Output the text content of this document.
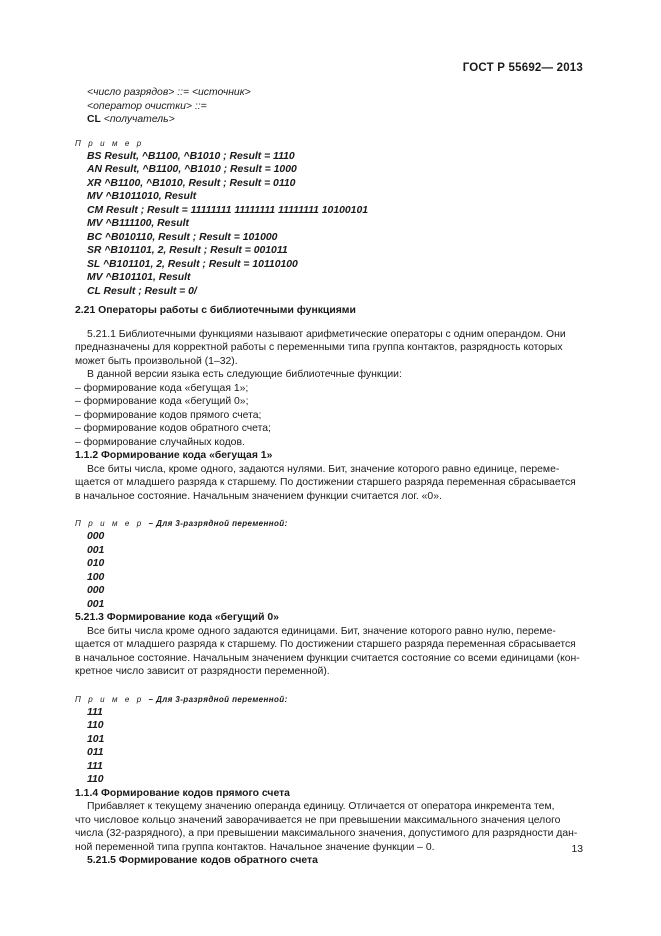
ГОСТ Р 55692— 2013
<число разрядов> ::= <источник>
<оператор очистки> ::=
CL <получатель>
П р и м е р
BS Result, ^B1100, ^B1010 ; Result = 1110
AN Result, ^B1100, ^B1010 ; Result = 1000
XR ^B1100, ^B1010, Result ; Result = 0110
MV ^B1011010, Result
CM Result ; Result = 11111111 11111111 11111111 10100101
MV ^B111100, Result
BC ^B010110, Result ; Result = 101000
SR ^B101101, 2, Result ; Result = 001011
SL ^B101101, 2, Result ; Result = 10110100
MV ^B101101, Result
CL Result ; Result = 0/
2.21 Операторы работы с библиотечными функциями
5.21.1 Библиотечными функциями называют арифметические операторы с одним операндом. Они
предназначены для корректной работы с переменными типа группа контактов, разрядность которых
может быть произвольной (1–32).
В данной версии языка есть следующие библиотечные функции:
– формирование кода «бегущая 1»;
– формирование кода «бегущий 0»;
– формирование кодов прямого счета;
– формирование кодов обратного счета;
– формирование случайных кодов.
1.1.2 Формирование кода «бегущая 1»
Все биты числа, кроме одного, задаются нулями. Бит, значение которого равно единице, переме-
щается от младшего разряда к старшему. По достижении старшего разряда переменная сбрасывается
в начальное состояние. Начальным значением функции считается лог. «0».
П р и м е р – Для 3-разрядной переменной:
000
001
010
100
000
001
5.21.3 Формирование кода «бегущий 0»
Все биты числа кроме одного задаются единицами. Бит, значение которого равно нулю, переме-
щается от младшего разряда к старшему. По достижении старшего разряда переменная сбрасывается
в начальное состояние. Начальным значением функции считается состояние со всеми единицами (кон-
кретное число зависит от разрядности переменной).
П р и м е р – Для 3-разрядной переменной:
111
110
101
011
111
110
1.1.4 Формирование кодов прямого счета
Прибавляет к текущему значению операнда единицу. Отличается от оператора инкремента тем,
что числовое кольцо значений заворачивается не при превышении максимального значения целого
числа (32-разрядного), а при превышении максимального значения, допустимого для разрядности дан-
ной переменной типа группа контактов. Начальное значение функции – 0.
5.21.5 Формирование кодов обратного счета
13
